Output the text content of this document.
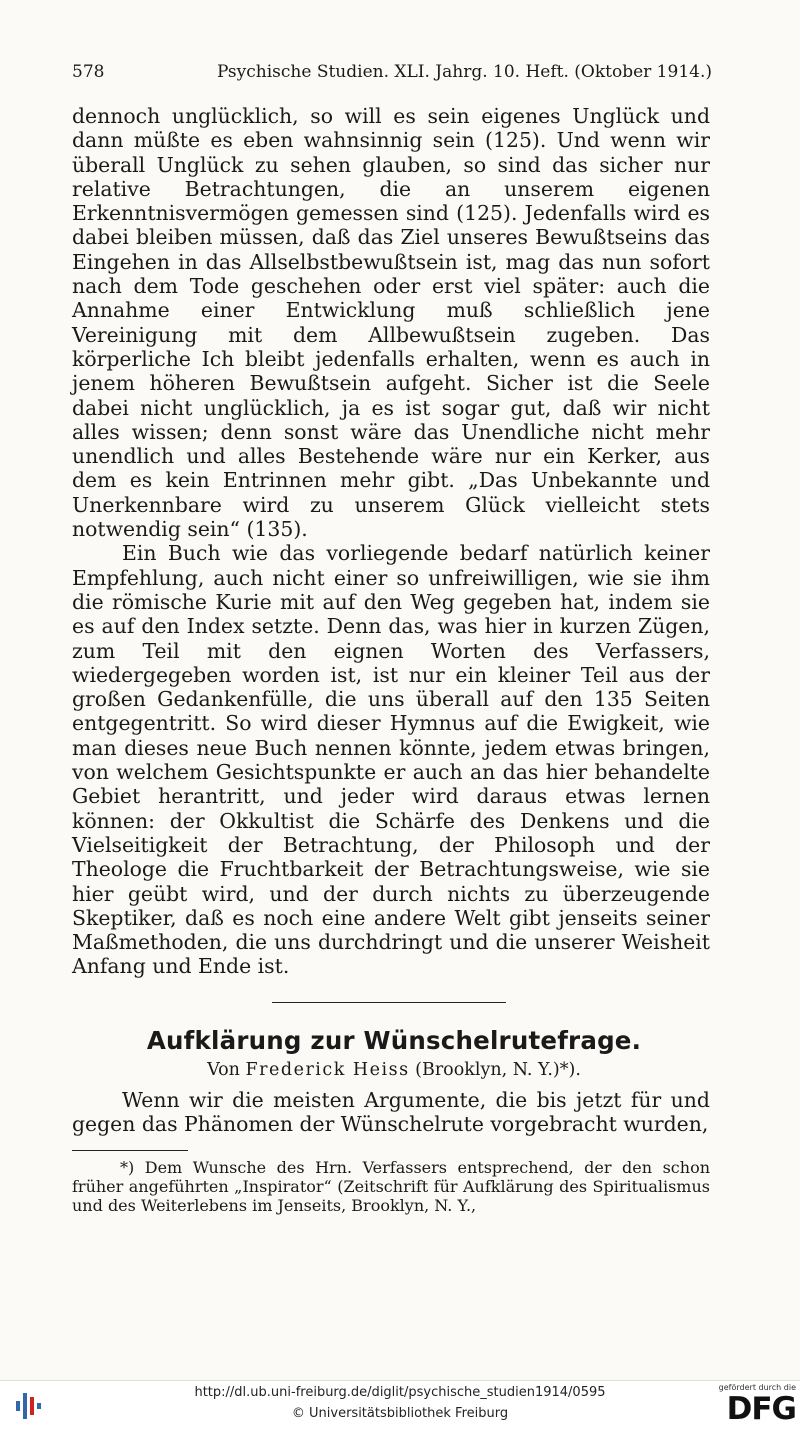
578	Psychische Studien. XLI. Jahrg. 10. Heft. (Oktober 1914.)

dennoch unglücklich, so will es sein eigenes Unglück und dann müßte es eben wahnsinnig sein (125). Und wenn wir überall Unglück zu sehen glauben, so sind das sicher nur relative Betrachtungen, die an unserem eigenen Erkenntnisvermögen gemessen sind (125). Jedenfalls wird es dabei bleiben müssen, daß das Ziel unseres Bewußtseins das Eingehen in das Allselbstbewußtsein ist, mag das nun sofort nach dem Tode geschehen oder erst viel später: auch die Annahme einer Entwicklung muß schließlich jene Vereinigung mit dem Allbewußtsein zugeben. Das körperliche Ich bleibt jedenfalls erhalten, wenn es auch in jenem höheren Bewußtsein aufgeht. Sicher ist die Seele dabei nicht unglücklich, ja es ist sogar gut, daß wir nicht alles wissen; denn sonst wäre das Unendliche nicht mehr unendlich und alles Bestehende wäre nur ein Kerker, aus dem es kein Entrinnen mehr gibt. „Das Unbekannte und Unerkennbare wird zu unserem Glück vielleicht stets notwendig sein“ (135).

Ein Buch wie das vorliegende bedarf natürlich keiner Empfehlung, auch nicht einer so unfreiwilligen, wie sie ihm die römische Kurie mit auf den Weg gegeben hat, indem sie es auf den Index setzte. Denn das, was hier in kurzen Zügen, zum Teil mit den eignen Worten des Verfassers, wiedergegeben worden ist, ist nur ein kleiner Teil aus der großen Gedankenfülle, die uns überall auf den 135 Seiten entgegentritt. So wird dieser Hymnus auf die Ewigkeit, wie man dieses neue Buch nennen könnte, jedem etwas bringen, von welchem Gesichtspunkte er auch an das hier behandelte Gebiet herantritt, und jeder wird daraus etwas lernen können: der Okkultist die Schärfe des Denkens und die Vielseitigkeit der Betrachtung, der Philosoph und der Theologe die Fruchtbarkeit der Betrachtungsweise, wie sie hier geübt wird, und der durch nichts zu überzeugende Skeptiker, daß es noch eine andere Welt gibt jenseits seiner Maßmethoden, die uns durchdringt und die unserer Weisheit Anfang und Ende ist.

Aufklärung zur Wünschelrutefrage.
Von Frederick Heiss (Brooklyn, N. Y.)*).

Wenn wir die meisten Argumente, die bis jetzt für und gegen das Phänomen der Wünschelrute vorgebracht wurden,

*) Dem Wunsche des Hrn. Verfassers entsprechend, der den schon früher angeführten „Inspirator“ (Zeitschrift für Aufklärung des Spiritualismus und des Weiterlebens im Jenseits, Brooklyn, N. Y.,

http://dl.ub.uni-freiburg.de/diglit/psychische_studien1914/0595
© Universitätsbibliothek Freiburg
gefördert durch die
DFG
